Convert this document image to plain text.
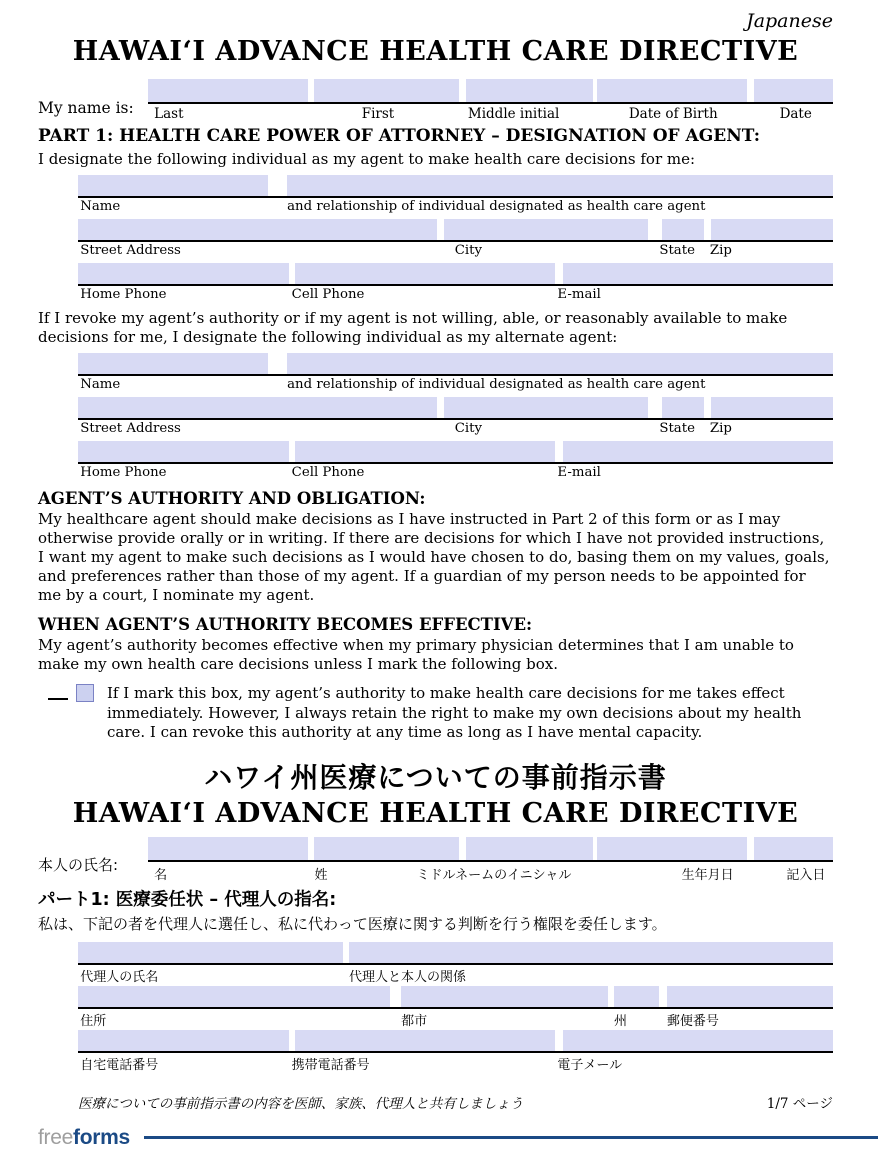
Japanese
HAWAI‘I ADVANCE HEALTH CARE DIRECTIVE
My name is:	Last	First	Middle initial	Date of Birth	Date
PART 1: HEALTH CARE POWER OF ATTORNEY – DESIGNATION OF AGENT:

I designate the following individual as my agent to make health care decisions for me:

Name	and relationship of individual designated as health care agent
Street Address	City	State Zip
Home Phone	Cell Phone	E-mail

If I revoke my agent’s authority or if my agent is not willing, able, or reasonably available to make decisions for me, I designate the following individual as my alternate agent:

Name	and relationship of individual designated as health care agent
Street Address	City	State Zip
Home Phone	Cell Phone	E-mail
AGENT’S AUTHORITY AND OBLIGATION:

My healthcare agent should make decisions as I have instructed in Part 2 of this form or as I may otherwise provide orally or in writing. If there are decisions for which I have not provided instructions, I want my agent to make such decisions as I would have chosen to do, basing them on my values, goals, and preferences rather than those of my agent. If a guardian of my person needs to be appointed for me by a court, I nominate my agent.

WHEN AGENT’S AUTHORITY BECOMES EFFECTIVE:

My agent’s authority becomes effective when my primary physician determines that I am unable to make my own health care decisions unless I mark the following box.

If I mark this box, my agent’s authority to make health care decisions for me takes effect immediately. However, I always retain the right to make my own decisions about my health care. I can revoke this authority at any time as long as I have mental capacity.
ハワイ州医療についての事前指示書
HAWAI‘I ADVANCE HEALTH CARE DIRECTIVE
本人の氏名:
名	姓	ミドルネームのイニシャル	生年月日	記入日
パート1: 医療委任状 – 代理人の指名:

私は、下記の者を代理人に選任し、私に代わって医療に関する判断を行う権限を委任します。

代理人の氏名	代理人と本人の関係
住所	都市	州	郵便番号
自宅電話番号	携帯電話番号	電子メール
医療についての事前指示書の内容を医師、家族、代理人と共有しましょう	1/7 ページ
freeforms
